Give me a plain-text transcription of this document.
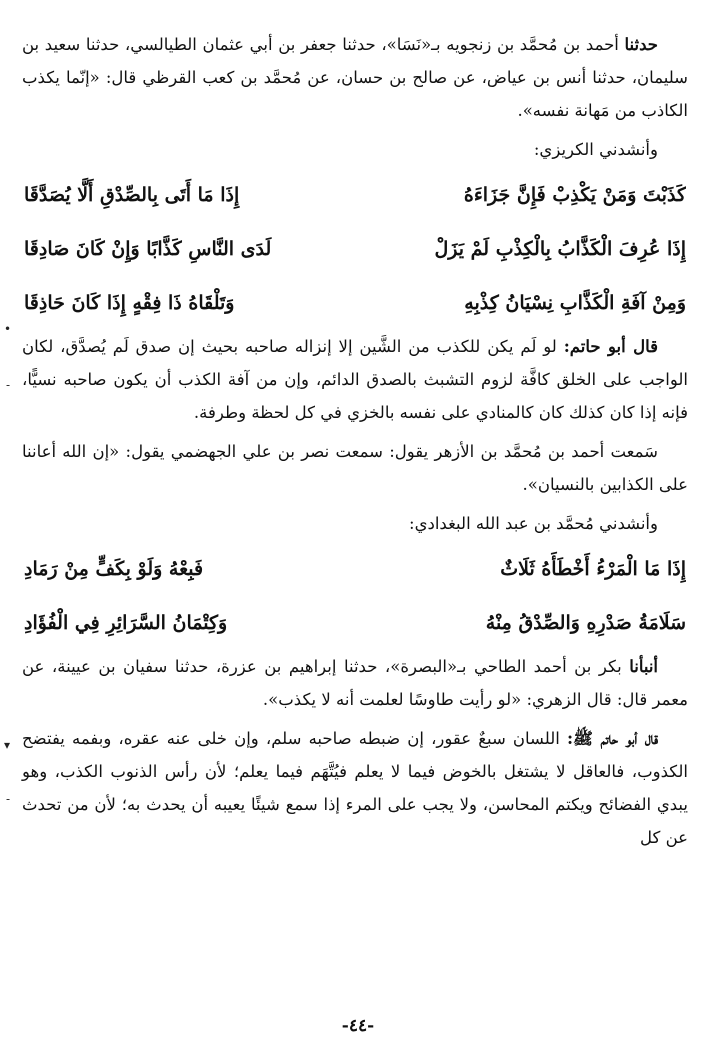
حدثنا أحمد بن مُحمَّد بن زنجويه بـ«نَسَا»، حدثنا جعفر بن أبي عثمان الطيالسي، حدثنا سعيد بن سليمان، حدثنا أنس بن عياض، عن صالح بن حسان، عن مُحمَّد بن كعب القرظي قال: «إنّما يكذب الكاذب من مَهانة نفسه».

وأنشدني الكريزي:

كَذَبْتَ وَمَنْ يَكْذِبْ فَإِنَّ جَزَاءَهُ
إِذَا مَا أَتَى بِالصِّدْقِ أَلَّا يُصَدَّقَا
إِذَا عُرِفَ الْكَذَّابُ بِالْكِذْبِ لَمْ يَزَلْ
لَدَى النَّاسِ كَذَّابًا وَإِنْ كَانَ صَادِقَا
وَمِنْ آفَةِ الْكَذَّابِ نِسْيَانُ كِذْبِهِ
وَتَلْقَاهُ ذَا فِقْهٍ إِذَا كَانَ حَاذِقَا

قال أبو حاتم: لو لَم يكن للكذب من الشَّين إلا إنزاله صاحبه بحيث إن صدق لَم يُصدَّق، لكان الواجب على الخلق كافَّة لزوم التشبث بالصدق الدائم، وإن من آفة الكذب أن يكون صاحبه نسيًّا، فإنه إذا كان كذلك كان كالمنادي على نفسه بالخزي في كل لحظة وطرفة.

سَمعت أحمد بن مُحمَّد بن الأزهر يقول: سمعت نصر بن علي الجهضمي يقول: «إن الله أعاننا على الكذابين بالنسيان».

وأنشدني مُحمَّد بن عبد الله البغدادي:

إِذَا مَا الْمَرْءُ أَخْطَأَهُ ثَلَاثٌ
فَبِعْهُ وَلَوْ بِكَفٍّ مِنْ رَمَادِ
سَلَامَةُ صَدْرِهِ وَالصِّدْقُ مِنْهُ
وَكِتْمَانُ السَّرَائِرِ فِي الْفُؤَادِ

أنبأنا بكر بن أحمد الطاحي بـ«البصرة»، حدثنا إبراهيم بن عزرة، حدثنا سفيان بن عيينة، عن معمر قال: قال الزهري: «لو رأيت طاوسًا لعلمت أنه لا يكذب».

قال أبو حاتم ﷺ: اللسان سبعٌ عقور، إن ضبطه صاحبه سلم، وإن خلى عنه عقره، وبفمه يفتضح الكذوب، فالعاقل لا يشتغل بالخوض فيما لا يعلم فيُتَّهَم فيما يعلم؛ لأن رأس الذنوب الكذب، وهو يبدي الفضائح ويكتم المحاسن، ولا يجب على المرء إذا سمع شيئًا يعيبه أن يحدث به؛ لأن من تحدث عن كل

-٤٤-
•
-
▾
-
